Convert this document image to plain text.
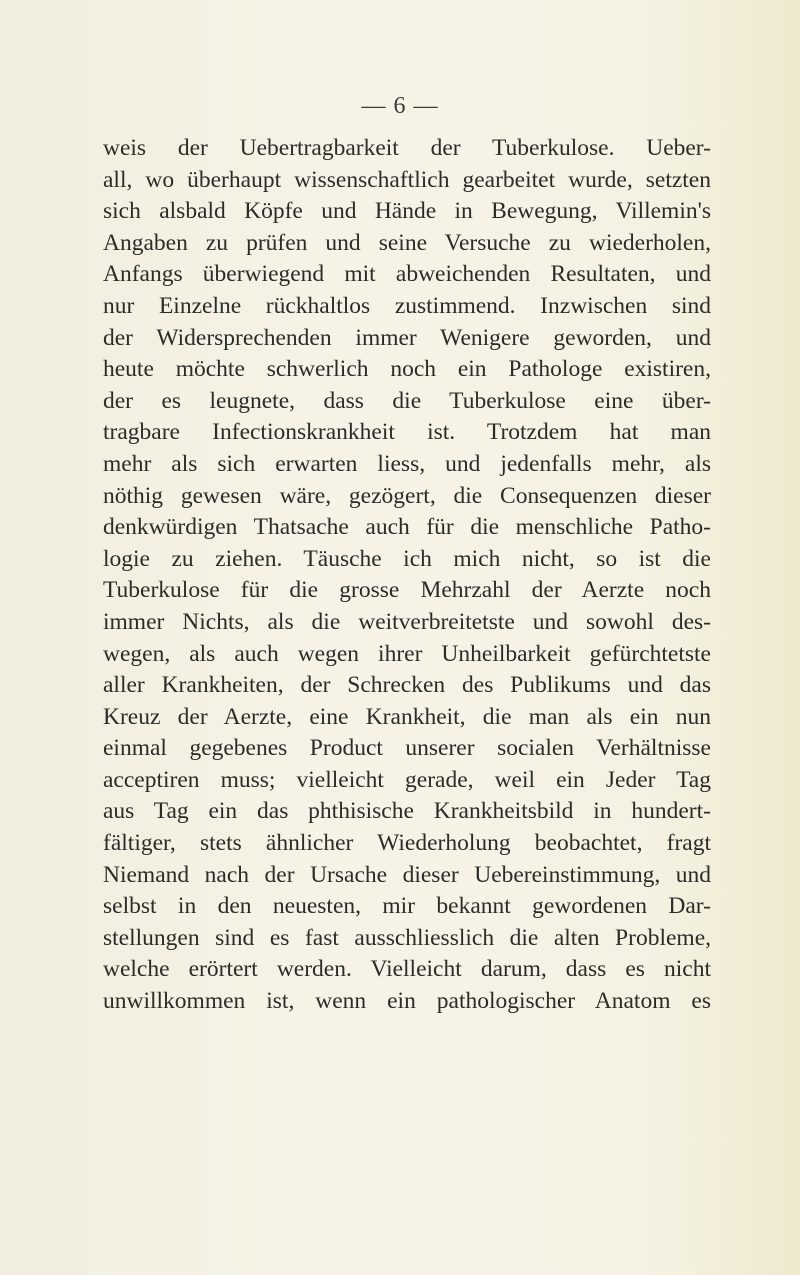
— 6 —
weis der Uebertragbarkeit der Tuberkulose. Ueber-
all, wo überhaupt wissenschaftlich gearbeitet wurde, setzten
sich alsbald Köpfe und Hände in Bewegung, Villemin's
Angaben zu prüfen und seine Versuche zu wiederholen,
Anfangs überwiegend mit abweichenden Resultaten, und
nur Einzelne rückhaltlos zustimmend. Inzwischen sind
der Widersprechenden immer Wenigere geworden, und
heute möchte schwerlich noch ein Pathologe existiren,
der es leugnete, dass die Tuberkulose eine über-
tragbare Infectionskrankheit ist. Trotzdem hat man
mehr als sich erwarten liess, und jedenfalls mehr, als
nöthig gewesen wäre, gezögert, die Consequenzen dieser
denkwürdigen Thatsache auch für die menschliche Patho-
logie zu ziehen. Täusche ich mich nicht, so ist die
Tuberkulose für die grosse Mehrzahl der Aerzte noch
immer Nichts, als die weitverbreitetste und sowohl des-
wegen, als auch wegen ihrer Unheilbarkeit gefürchtetste
aller Krankheiten, der Schrecken des Publikums und das
Kreuz der Aerzte, eine Krankheit, die man als ein nun
einmal gegebenes Product unserer socialen Verhältnisse
acceptiren muss; vielleicht gerade, weil ein Jeder Tag
aus Tag ein das phthisische Krankheitsbild in hundert-
fältiger, stets ähnlicher Wiederholung beobachtet, fragt
Niemand nach der Ursache dieser Uebereinstimmung, und
selbst in den neuesten, mir bekannt gewordenen Dar-
stellungen sind es fast ausschliesslich die alten Probleme,
welche erörtert werden. Vielleicht darum, dass es nicht
unwillkommen ist, wenn ein pathologischer Anatom es
